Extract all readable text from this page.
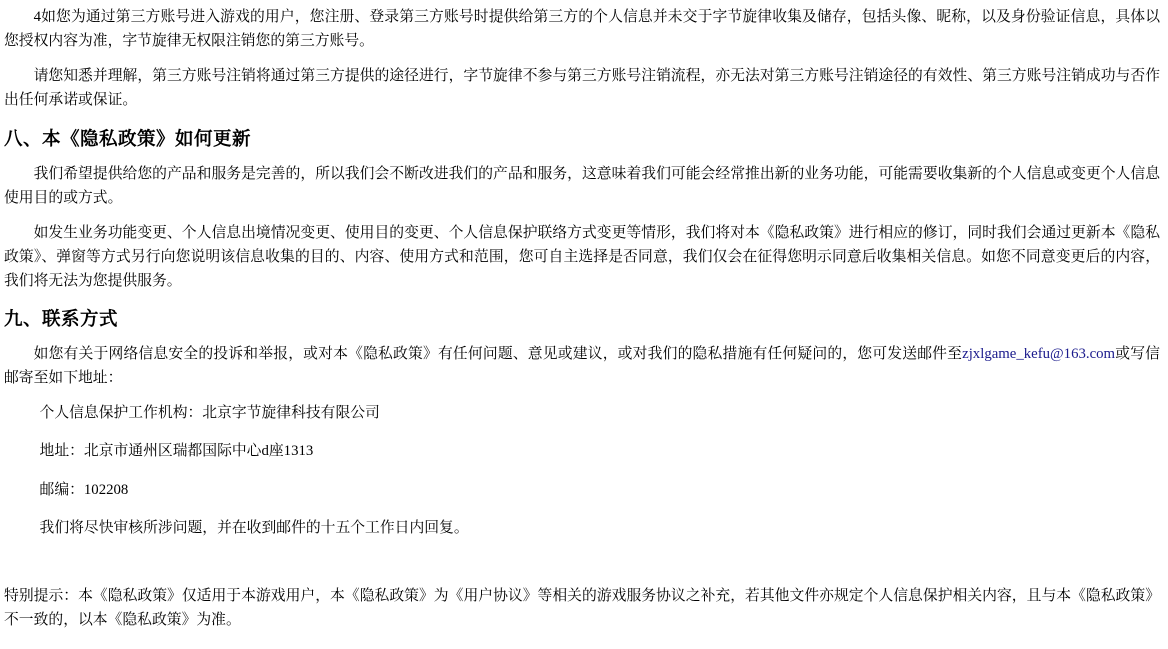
4如您为通过第三方账号进入游戏的用户，您注册、登录第三方账号时提供给第三方的个人信息并未交于字节旋律收集及储存，包括头像、昵称，以及身份验证信息，具体以您授权内容为准，字节旋律无权限注销您的第三方账号。

请您知悉并理解，第三方账号注销将通过第三方提供的途径进行，字节旋律不参与第三方账号注销流程，亦无法对第三方账号注销途径的有效性、第三方账号注销成功与否作出任何承诺或保证。

八、本《隐私政策》如何更新

我们希望提供给您的产品和服务是完善的，所以我们会不断改进我们的产品和服务，这意味着我们可能会经常推出新的业务功能，可能需要收集新的个人信息或变更个人信息使用目的或方式。

如发生业务功能变更、个人信息出境情况变更、使用目的变更、个人信息保护联络方式变更等情形，我们将对本《隐私政策》进行相应的修订，同时我们会通过更新本《隐私政策》、弹窗等方式另行向您说明该信息收集的目的、内容、使用方式和范围，您可自主选择是否同意，我们仅会在征得您明示同意后收集相关信息。如您不同意变更后的内容，我们将无法为您提供服务。

九、联系方式

如您有关于网络信息安全的投诉和举报，或对本《隐私政策》有任何问题、意见或建议，或对我们的隐私措施有任何疑问的，您可发送邮件至zjxlgame_kefu@163.com或写信邮寄至如下地址：

个人信息保护工作机构：北京字节旋律科技有限公司

地址：北京市通州区瑞都国际中心d座1313

邮编：102208

我们将尽快审核所涉问题，并在收到邮件的十五个工作日内回复。

特别提示：本《隐私政策》仅适用于本游戏用户，本《隐私政策》为《用户协议》等相关的游戏服务协议之补充，若其他文件亦规定个人信息保护相关内容，且与本《隐私政策》不一致的，以本《隐私政策》为准。
